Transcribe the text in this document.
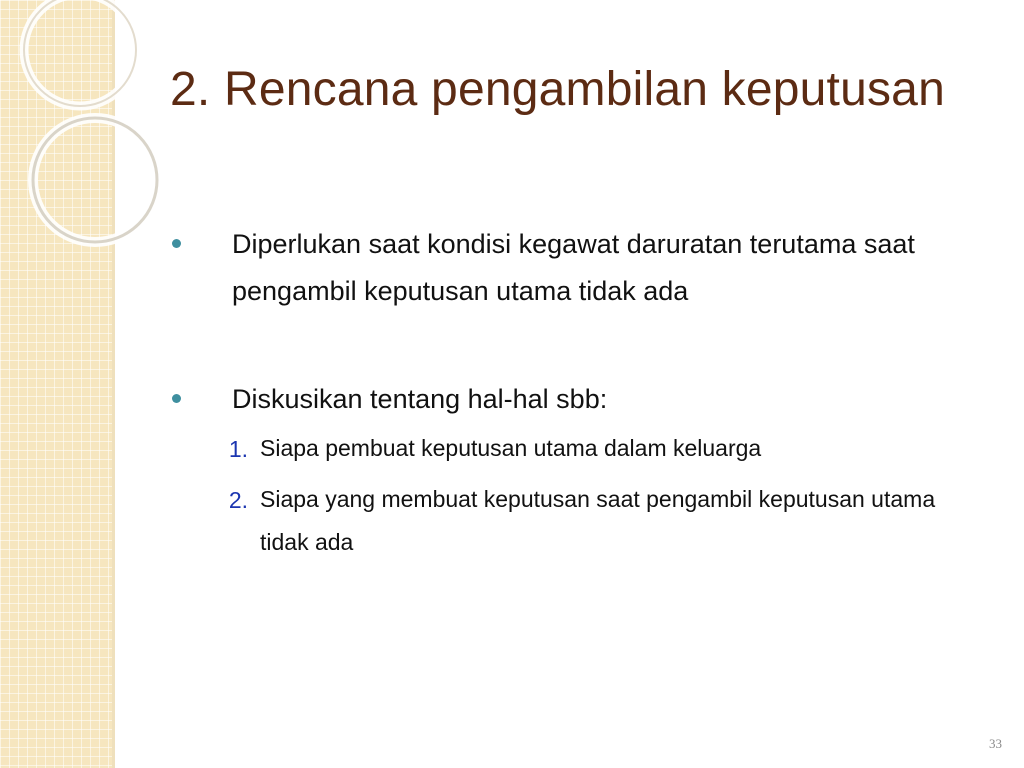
2. Rencana pengambilan keputusan
Diperlukan saat kondisi kegawat daruratan terutama saat pengambil keputusan utama tidak ada
Diskusikan tentang hal-hal sbb:
1. Siapa pembuat keputusan utama dalam keluarga
2. Siapa yang membuat keputusan saat pengambil keputusan utama tidak ada
33
